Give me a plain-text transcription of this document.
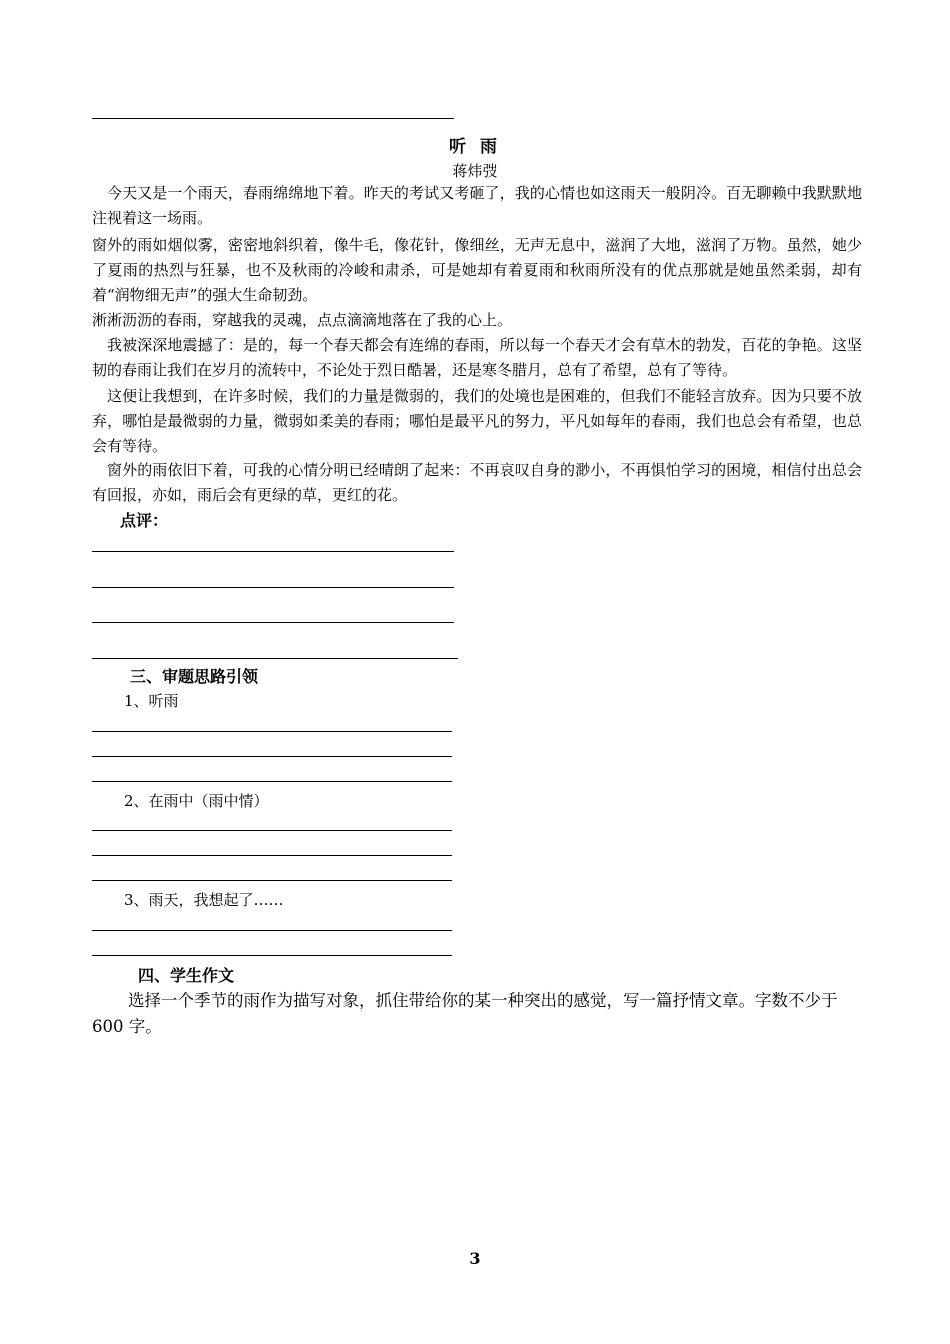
听 雨
蒋炜弢
今天又是一个雨天，春雨绵绵地下着。昨天的考试又考砸了，我的心情也如这雨天一般阴冷。百无聊赖中我默默地注视着这一场雨。
窗外的雨如烟似雾，密密地斜织着，像牛毛，像花针，像细丝，无声无息中，滋润了大地，滋润了万物。虽然，她少了夏雨的热烈与狂暴，也不及秋雨的冷峻和肃杀，可是她却有着夏雨和秋雨所没有的优点那就是她虽然柔弱，却有着“润物细无声”的强大生命韧劲。
淅淅沥沥的春雨，穿越我的灵魂，点点滴滴地落在了我的心上。
我被深深地震撼了：是的，每一个春天都会有连绵的春雨，所以每一个春天才会有草木的勃发，百花的争艳。这坚韧的春雨让我们在岁月的流转中，不论处于烈日酷暑，还是寒冬腊月，总有了希望，总有了等待。
这便让我想到，在许多时候，我们的力量是微弱的，我们的处境也是困难的，但我们不能轻言放弃。因为只要不放弃，哪怕是最微弱的力量，微弱如柔美的春雨；哪怕是最平凡的努力，平凡如每年的春雨，我们也总会有希望，也总会有等待。
窗外的雨依旧下着，可我的心情分明已经晴朗了起来：不再哀叹自身的渺小，不再惧怕学习的困境，相信付出总会有回报，亦如，雨后会有更绿的草，更红的花。
点评：
三、审题思路引领
1、听雨
2、在雨中（雨中情）
3、雨天，我想起了……
四、学生作文
选择一个季节的雨作为描写对象，抓住带给你的某一种突出的感觉，写一篇抒情文章。字数不少于 600 字。
3
